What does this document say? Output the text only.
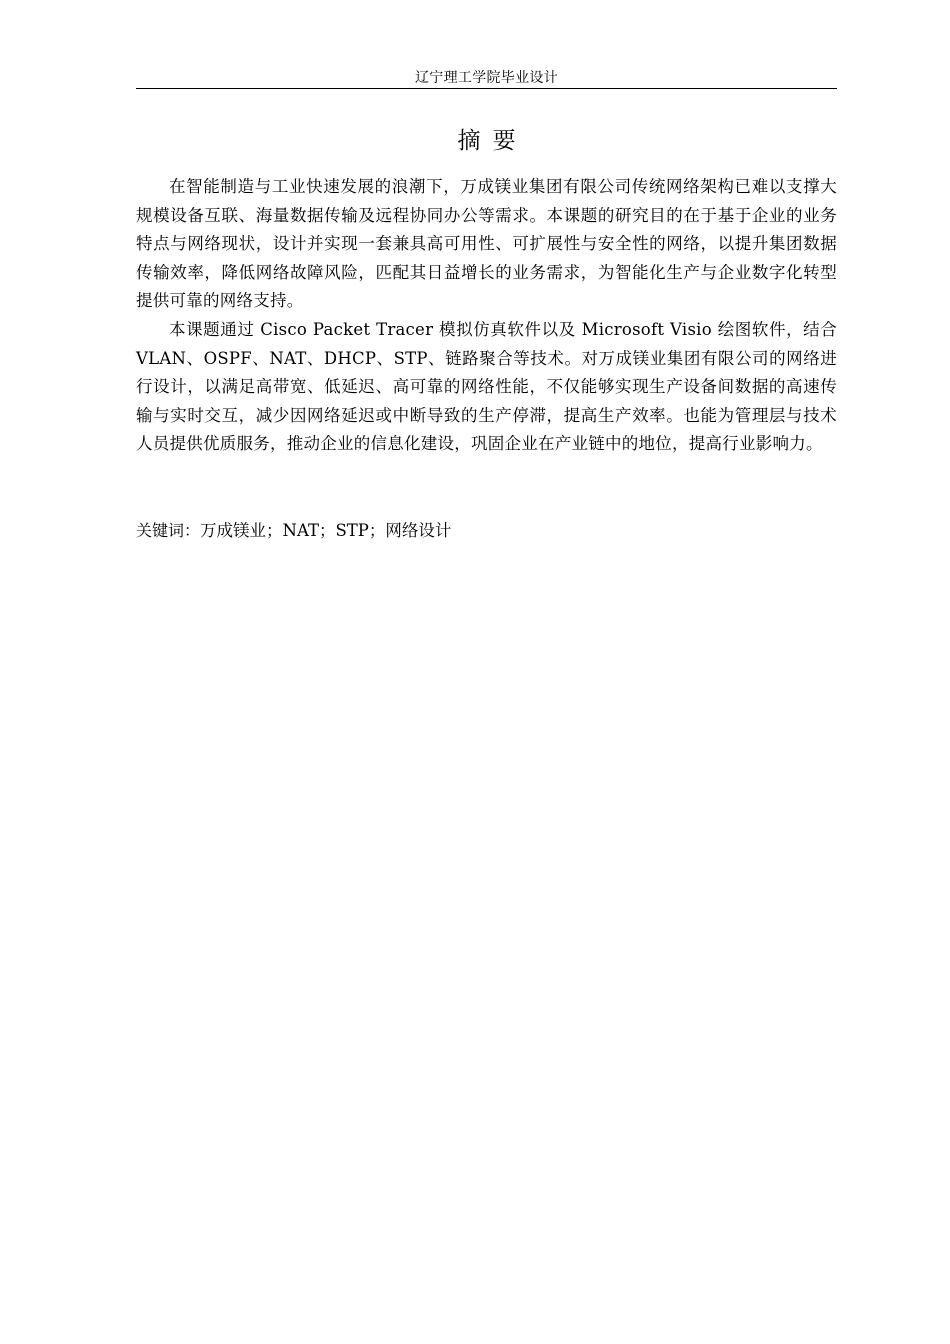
辽宁理工学院毕业设计
摘要

在智能制造与工业快速发展的浪潮下，万成镁业集团有限公司传统网络架构已难以支撑大规模设备互联、海量数据传输及远程协同办公等需求。本课题的研究目的在于基于企业的业务特点与网络现状，设计并实现一套兼具高可用性、可扩展性与安全性的网络，以提升集团数据传输效率，降低网络故障风险，匹配其日益增长的业务需求，为智能化生产与企业数字化转型提供可靠的网络支持。

本课题通过 Cisco Packet Tracer 模拟仿真软件以及 Microsoft Visio 绘图软件，结合 VLAN、OSPF、NAT、DHCP、STP、链路聚合等技术。对万成镁业集团有限公司的网络进行设计，以满足高带宽、低延迟、高可靠的网络性能，不仅能够实现生产设备间数据的高速传输与实时交互，减少因网络延迟或中断导致的生产停滞，提高生产效率。也能为管理层与技术人员提供优质服务，推动企业的信息化建设，巩固企业在产业链中的地位，提高行业影响力。

关键词：万成镁业；NAT；STP；网络设计
